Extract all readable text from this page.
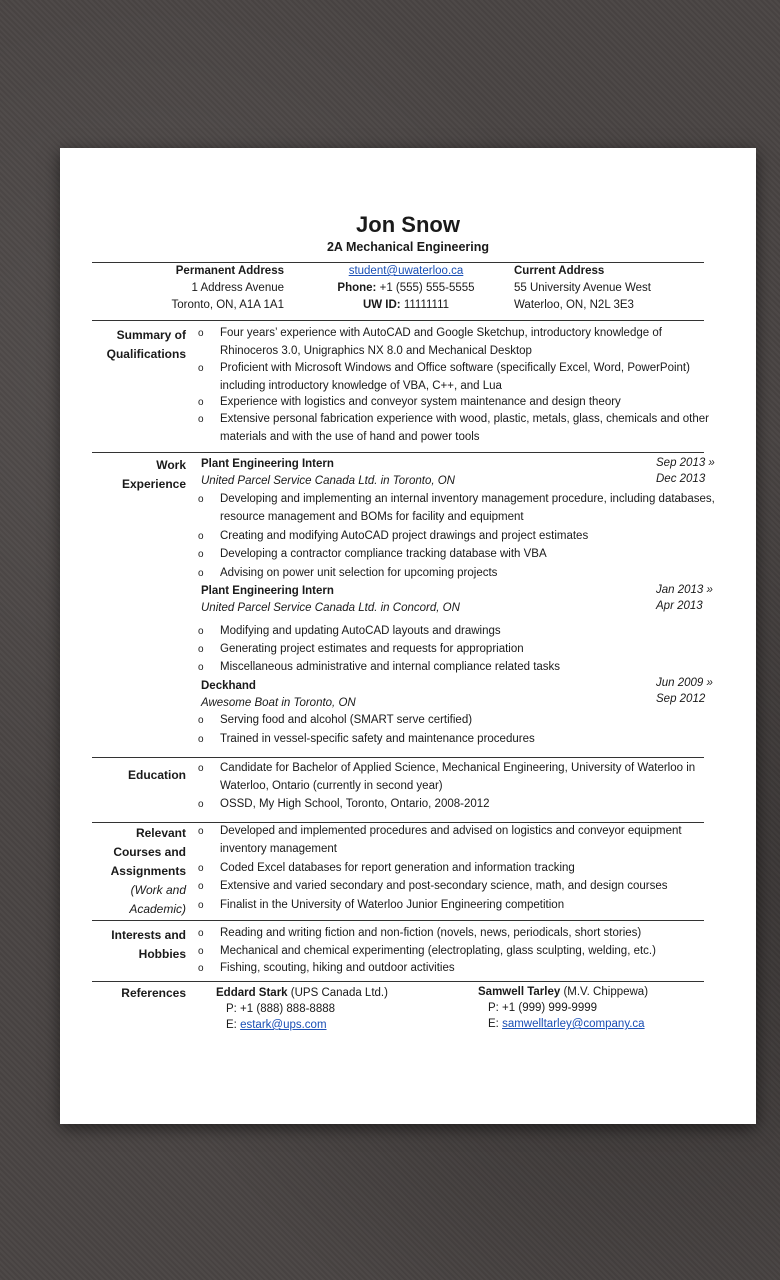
Jon Snow
2A Mechanical Engineering
Permanent Address
1 Address Avenue
Toronto, ON, A1A 1A1
student@uwaterloo.ca
Phone: +1 (555) 555-5555
UW ID: 11111111
Current Address
55 University Avenue West
Waterloo, ON, N2L 3E3
Summary of
Qualifications
o	Four years’ experience with AutoCAD and Google Sketchup, introductory knowledge of Rhinoceros 3.0, Unigraphics NX 8.0 and Mechanical Desktop
o	Proficient with Microsoft Windows and Office software (specifically Excel, Word, PowerPoint) including introductory knowledge of VBA, C++, and Lua
o	Experience with logistics and conveyor system maintenance and design theory
o	Extensive personal fabrication experience with wood, plastic, metals, glass, chemicals and other materials and with the use of hand and power tools
Work
Experience
Plant Engineering Intern
United Parcel Service Canada Ltd. in Toronto, ON
Sep 2013 »
Dec 2013
o	Developing and implementing an internal inventory management procedure, including databases, resource management and BOMs for facility and equipment
o	Creating and modifying AutoCAD project drawings and project estimates
o	Developing a contractor compliance tracking database with VBA
o	Advising on power unit selection for upcoming projects
Plant Engineering Intern
United Parcel Service Canada Ltd. in Concord, ON
Jan 2013 »
Apr 2013
o	Modifying and updating AutoCAD layouts and drawings
o	Generating project estimates and requests for appropriation
o	Miscellaneous administrative and internal compliance related tasks
Deckhand
Awesome Boat in Toronto, ON
Jun 2009 »
Sep 2012
o	Serving food and alcohol (SMART serve certified)
o	Trained in vessel-specific safety and maintenance procedures
Education o	Candidate for Bachelor of Applied Science, Mechanical Engineering, University of Waterloo in Waterloo, Ontario (currently in second year)
o	OSSD, My High School, Toronto, Ontario, 2008-2012
Relevant
Courses and
Assignments
(Work and
Academic)
o	Developed and implemented procedures and advised on logistics and conveyor equipment inventory management
o	Coded Excel databases for report generation and information tracking
o	Extensive and varied secondary and post-secondary science, math, and design courses
o	Finalist in the University of Waterloo Junior Engineering competition
Interests and
Hobbies
o	Reading and writing fiction and non-fiction (novels, news, periodicals, short stories)
o	Mechanical and chemical experimenting (electroplating, glass sculpting, welding, etc.)
o	Fishing, scouting, hiking and outdoor activities
References	Eddard Stark (UPS Canada Ltd.)
P: +1 (888) 888-8888
E: estark@ups.com
Samwell Tarley (M.V. Chippewa)
P: +1 (999) 999-9999
E: samwelltarley@company.ca
